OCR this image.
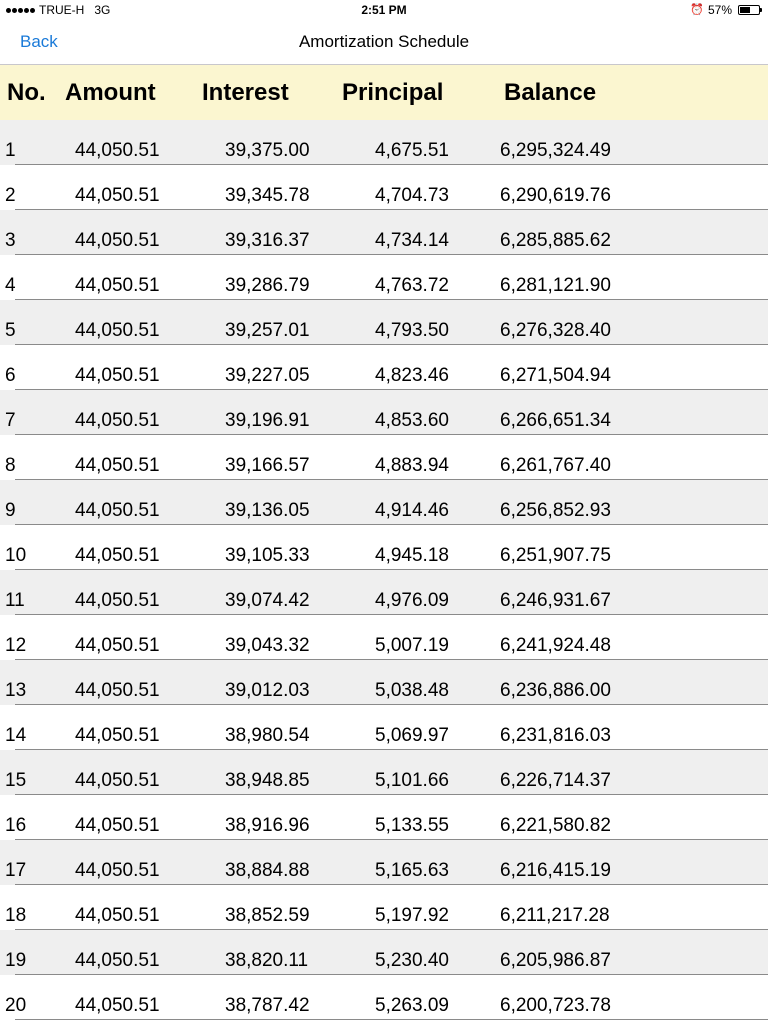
TRUE-H 3G	2:51 PM	⏰ 57%
Back	Amortization Schedule
No. Amount Interest Principal	Balance
1	44,050.51	39,375.00	4,675.51	6,295,324.49
2	44,050.51	39,345.78	4,704.73	6,290,619.76
3	44,050.51	39,316.37	4,734.14	6,285,885.62
4	44,050.51	39,286.79	4,763.72	6,281,121.90
5	44,050.51	39,257.01	4,793.50	6,276,328.40
6	44,050.51	39,227.05	4,823.46	6,271,504.94
7	44,050.51	39,196.91	4,853.60	6,266,651.34
8	44,050.51	39,166.57	4,883.94	6,261,767.40
9	44,050.51	39,136.05	4,914.46	6,256,852.93
10	44,050.51	39,105.33	4,945.18	6,251,907.75
11	44,050.51	39,074.42	4,976.09	6,246,931.67
12	44,050.51	39,043.32	5,007.19	6,241,924.48
13	44,050.51	39,012.03	5,038.48	6,236,886.00
14	44,050.51	38,980.54	5,069.97	6,231,816.03
15	44,050.51	38,948.85	5,101.66	6,226,714.37
16	44,050.51	38,916.96	5,133.55	6,221,580.82
17	44,050.51	38,884.88	5,165.63	6,216,415.19
18	44,050.51	38,852.59	5,197.92	6,211,217.28
19	44,050.51	38,820.11	5,230.40	6,205,986.87
20	44,050.51	38,787.42	5,263.09	6,200,723.78
